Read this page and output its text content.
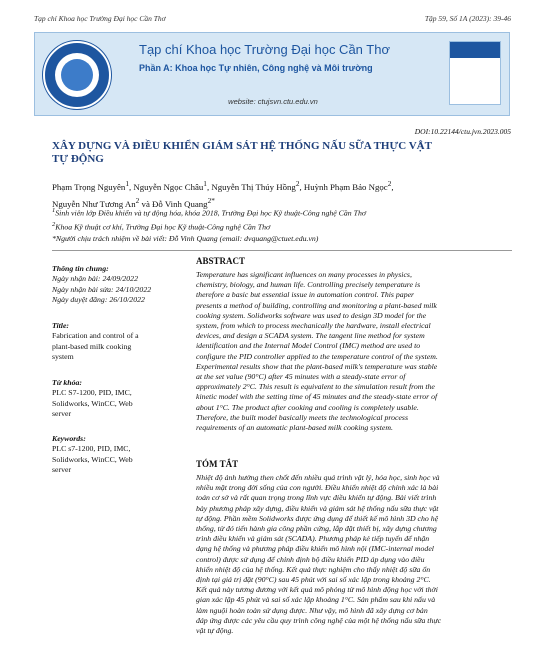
Tạp chí Khoa học Trường Đại học Cần Thơ	Tập 59, Số 1A (2023): 39-46
Tạp chí Khoa học Trường Đại học Cần Thơ
Phần A: Khoa học Tự nhiên, Công nghệ và Môi trường
website: ctujsvn.ctu.edu.vn
DOI:10.22144/ctu.jvn.2023.005
XÂY DỰNG VÀ ĐIỀU KHIỂN GIÁM SÁT HỆ THỐNG NẤU SỮA THỰC VẬT
TỰ ĐỘNG
Phạm Trọng Nguyên$^1$, Nguyễn Ngọc Châu$^1$, Nguyễn Thị Thúy Hồng$^2$, Huỳnh Phạm Bảo Ngọc$^2$,
Nguyễn Như Tương An$^2$ và Đỗ Vinh Quang$^{2*}$
$^1$Sinh viên lớp Điều khiển và tự động hóa, khóa 2018, Trường Đại học Kỹ thuật-Công nghệ Cần Thơ
$^2$Khoa Kỹ thuật cơ khí, Trường Đại học Kỹ thuật-Công nghệ Cần Thơ
*Người chịu trách nhiệm về bài viết: Đỗ Vinh Quang (email: dvquang@ctuet.edu.vn)
Thông tin chung:
Ngày nhận bài: 24/09/2022
Ngày nhận bài sửa: 24/10/2022
Ngày duyệt đăng: 26/10/2022
Title:
Fabrication and control of a
plant-based milk cooking
system
Từ khóa:
PLC S7-1200, PID, IMC,
Solidworks, WinCC, Web
server
Keywords:
PLC s7-1200, PID, IMC,
Solidworks, WinCC, Web
server
ABSTRACT
Temperature has significant influences on many processes in physics,
chemistry, biology, and human life. Controlling precisely temperature is
therefore a basic but essential issue in automation control. This paper
presents a method of building, controlling and monitoring a plant-based milk
cooking system. Solidworks software was used to design 3D model for the
system, from which to process mechanically the hardware, install electrical
devices, and design a SCADA system. The tangent line method for system
identification and the Internal Model Control (IMC) method are used to
configure the PID controller applied to the temperature control of the system.
Experimental results show that the plant-based milk's temperature was stable
at the set value (90°C) after 45 minutes with a steady-state error of
approximately 2°C. This result is equivalent to the simulation result from the
kinetic model with the setting time of 45 minutes and the steady-state error of
about 1°C. The product after cooking and cooling is completely usable.
Therefore, the built model basically meets the technological process
requirements of an automatic plant-based milk cooking system.
TÓM TẮT
Nhiệt độ ảnh hưởng then chốt đến nhiều quá trình vật lý, hóa học, sinh học và
nhiều mặt trong đời sống của con người. Điều khiển nhiệt độ chính xác là bài
toán cơ sở và rất quan trọng trong lĩnh vực điều khiển tự động. Bài viết trình
bày phương pháp xây dựng, điều khiển và giám sát hệ thống nấu sữa thực vật
tự động. Phần mềm Solidworks được ứng dụng để thiết kế mô hình 3D cho hệ
thống, từ đó tiến hành gia công phần cứng, lắp đặt thiết bị, xây dựng chương
trình điều khiển và giám sát (SCADA). Phương pháp kẻ tiếp tuyến để nhận
dạng hệ thống và phương pháp điều khiển mô hình nội (IMC-internal model
control) được sử dụng để chỉnh định bộ điều khiển PID áp dụng vào điều
khiển nhiệt độ của hệ thống. Kết quả thực nghiệm cho thấy nhiệt độ sữa ổn
định tại giá trị đặt (90°C) sau 45 phút với sai số xác lập trong khoảng 2°C.
Kết quả này tương đương với kết quả mô phỏng từ mô hình động học với thời
gian xác lập 45 phút và sai số xác lập khoảng 1°C. Sản phẩm sau khi nấu và
làm nguội hoàn toàn sử dụng được. Như vậy, mô hình đã xây dựng cơ bản
đáp ứng được các yêu cầu quy trình công nghệ của một hệ thống nấu sữa thực
vật tự động.
